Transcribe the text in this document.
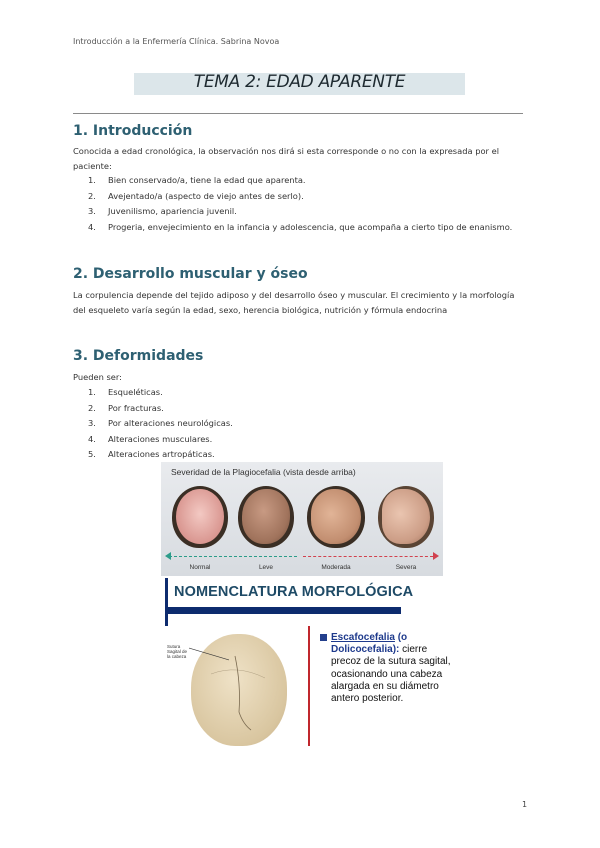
Introducción a la Enfermería Clínica. Sabrina Novoa
TEMA 2: EDAD APARENTE
1. Introducción
Conocida a edad cronológica, la observación nos dirá si esta corresponde o no con la expresada por el paciente:
1.	Bien conservado/a, tiene la edad que aparenta.
2.	Avejentado/a (aspecto de viejo antes de serlo).
3.	Juvenilismo, apariencia juvenil.
4.	Progeria, envejecimiento en la infancia y adolescencia, que acompaña a cierto tipo de enanismo.
2. Desarrollo muscular y óseo
La corpulencia depende del tejido adiposo y del desarrollo óseo y muscular. El crecimiento y la morfología del esqueleto varía según la edad, sexo, herencia biológica, nutrición y fórmula endocrina
3. Deformidades
Pueden ser:
1.	Esqueléticas.
2.	Por fracturas.
3.	Por alteraciones neurológicas.
4.	Alteraciones musculares.
5.	Alteraciones artropáticas.
Severidad de la Plagiocefalia (vista desde arriba)
Normal	Leve	Moderada	Severa
NOMENCLATURA MORFOLÓGICA
Sutura Sagital de la cabeza
Escafocefalia (o Dolicocefalia): cierre precoz de la sutura sagital, ocasionando una cabeza alargada en su diámetro antero posterior.
1
